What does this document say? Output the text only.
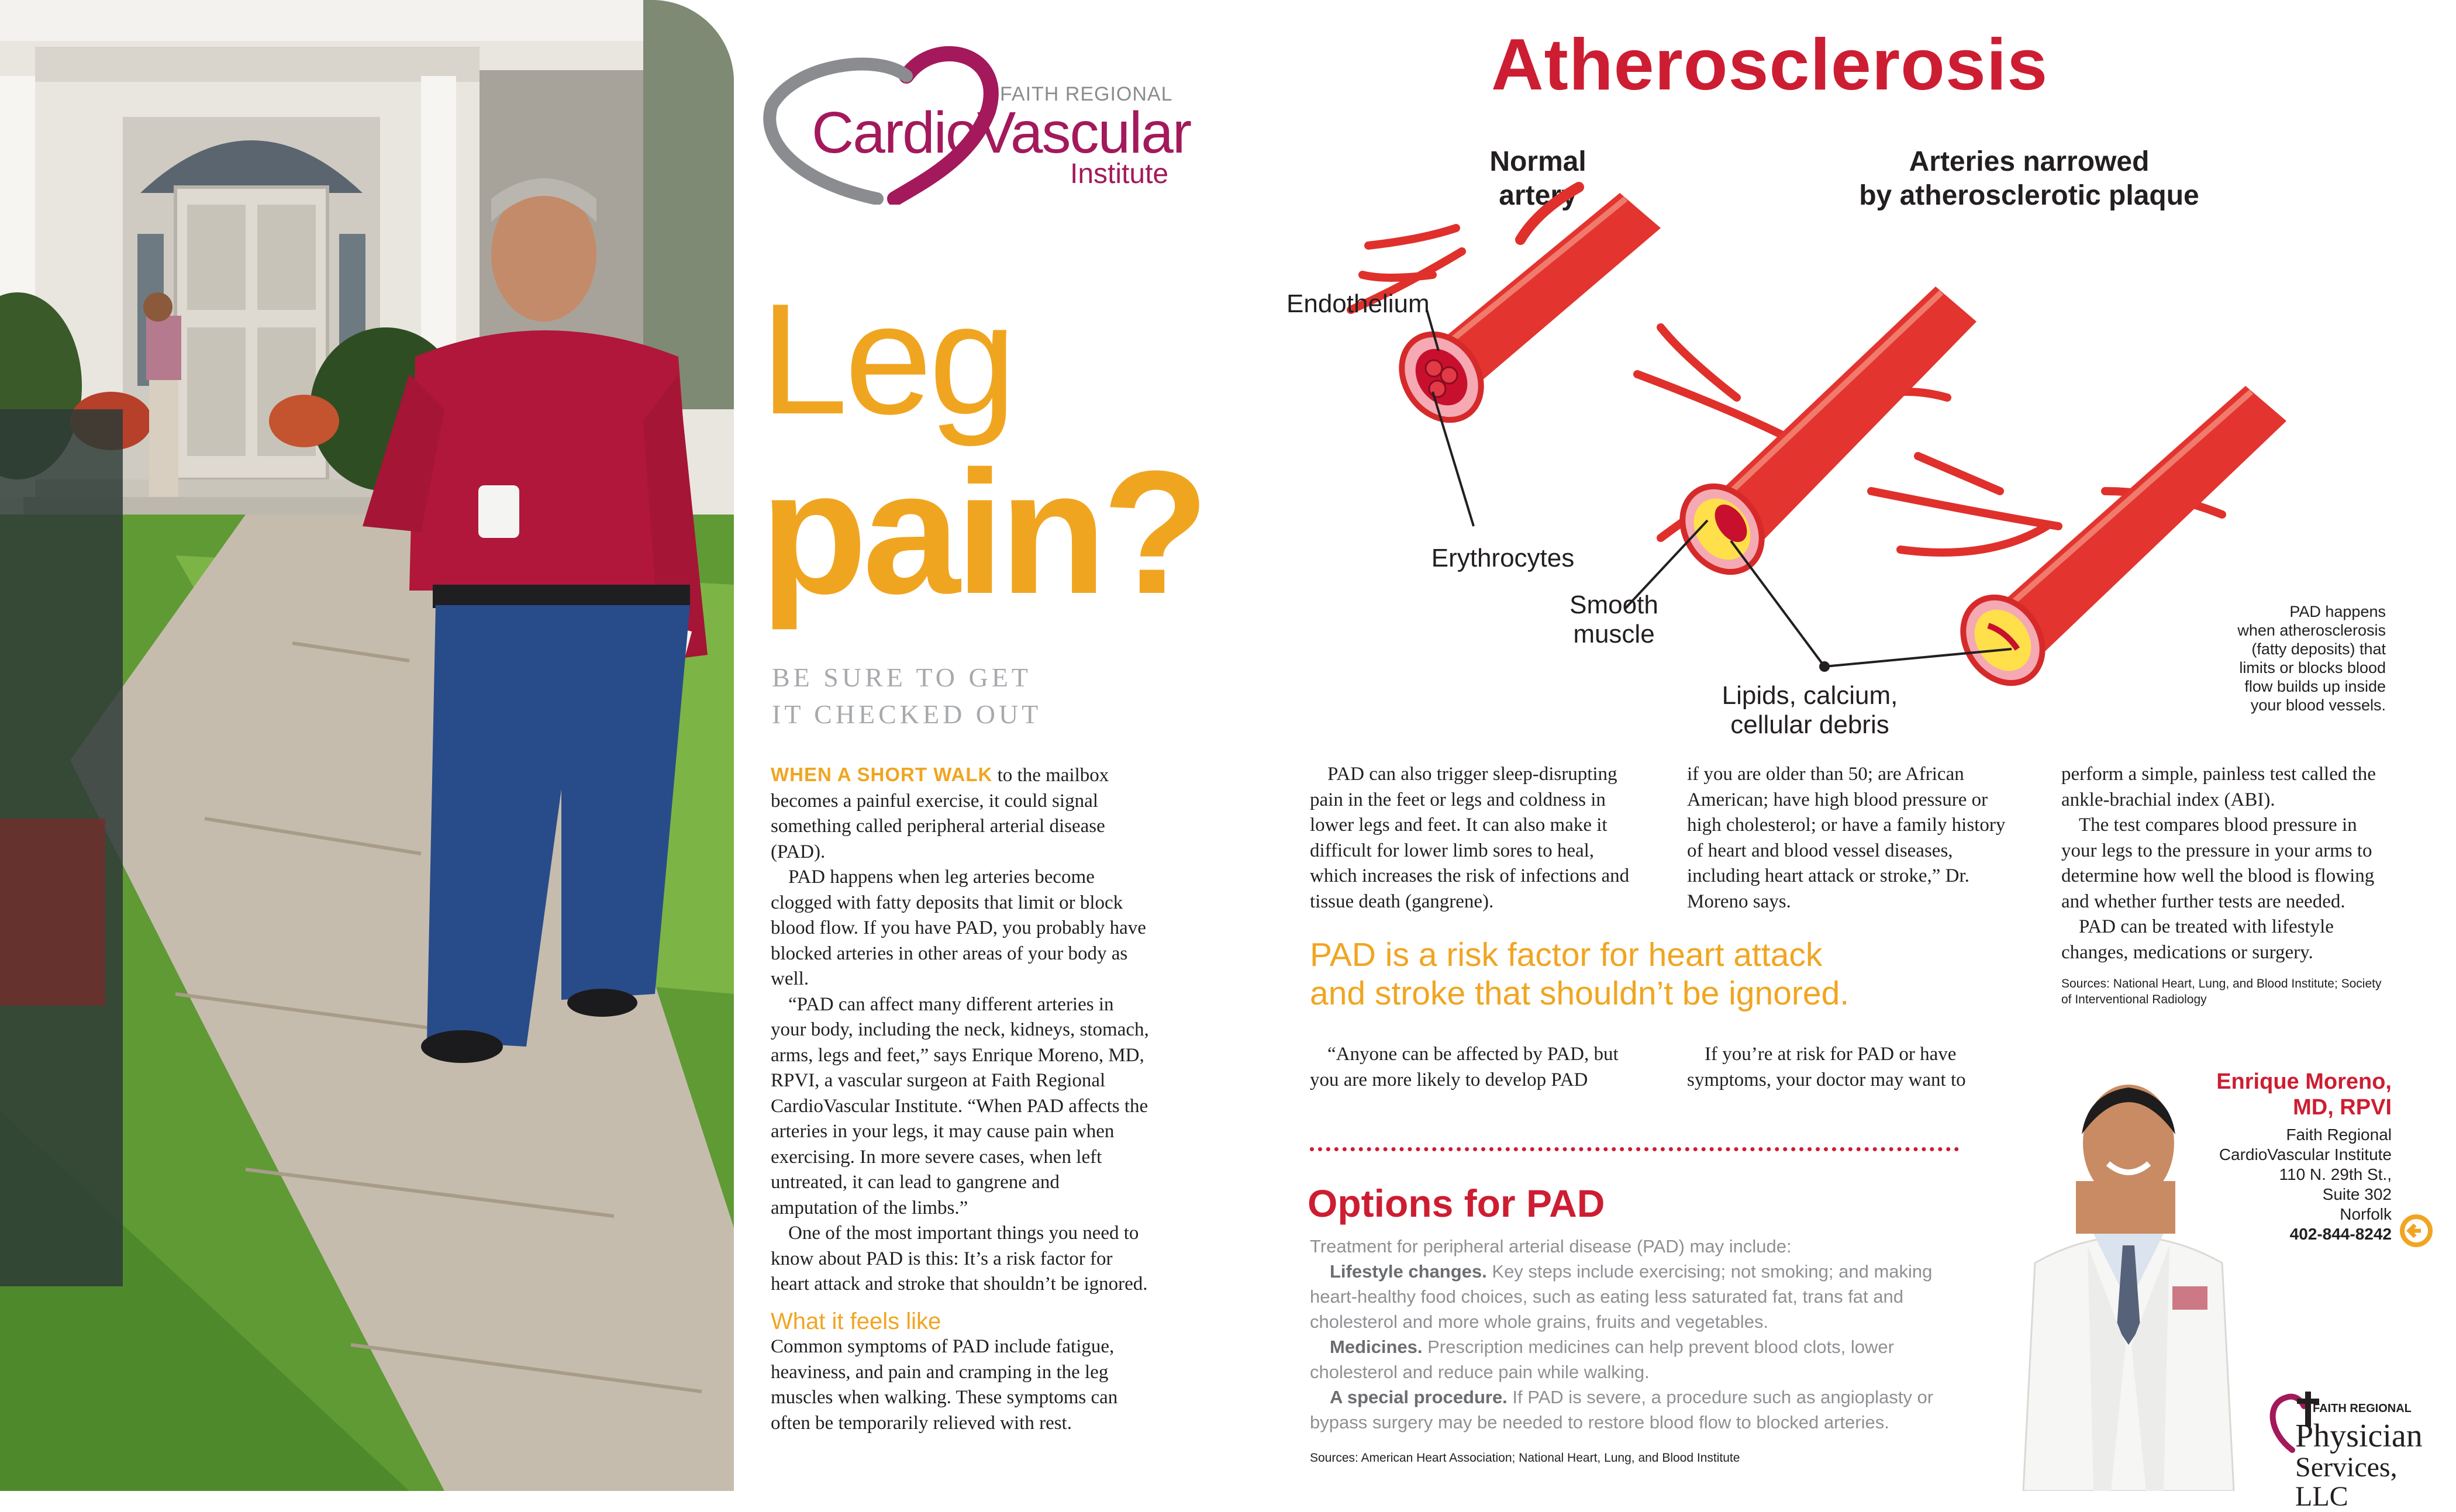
FAITH REGIONAL
CardioVascular
Institute
Leg
pain?
BE SURE TO GET
IT CHECKED OUT

WHEN A SHORT WALK to the mailbox becomes a painful exercise, it could signal something called peripheral arterial disease (PAD).

PAD happens when leg arteries become clogged with fatty deposits that limit or block blood flow. If you have PAD, you probably have blocked arteries in other areas of your body as well.

“PAD can affect many different arteries in your body, including the neck, kidneys, stomach, arms, legs and feet,” says Enrique Moreno, MD, RPVI, a vascular surgeon at Faith Regional CardioVascular Institute. “When PAD affects the arteries in your legs, it may cause pain when exercising. In more severe cases, when left untreated, it can lead to gangrene and amputation of the limbs.”

One of the most important things you need to know about PAD is this: It’s a risk factor for heart attack and stroke that shouldn’t be ignored.

What it feels like

Common symptoms of PAD include fatigue, heaviness, and pain and cramping in the leg muscles when walking. These symptoms can often be temporarily relieved with rest.

Atherosclerosis
Normal
artery
Arteries narrowed
by atherosclerotic plaque
Endothelium
Erythrocytes
Smooth
muscle
Lipids, calcium,
cellular debris
PAD happens
when atherosclerosis
(fatty deposits) that
limits or blocks blood
flow builds up inside
your blood vessels.

PAD can also trigger sleep-disrupting pain in the feet or legs and coldness in lower legs and feet. It can also make it difficult for lower limb sores to heal, which increases the risk of infections and tissue death (gangrene).

if you are older than 50; are African American; have high blood pressure or high cholesterol; or have a family history of heart and blood vessel diseases, including heart attack or stroke,” Dr. Moreno says.

perform a simple, painless test called the ankle-brachial index (ABI).

The test compares blood pressure in your legs to the pressure in your arms to determine how well the blood is flowing and whether further tests are needed.

PAD can be treated with lifestyle changes, medications or surgery.

Sources: National Heart, Lung, and Blood Institute; Society of Interventional Radiology
PAD is a risk factor for heart attack
and stroke that shouldn’t be ignored.

“Anyone can be affected by PAD, but you are more likely to develop PAD

If you’re at risk for PAD or have symptoms, your doctor may want to

Options for PAD

Treatment for peripheral arterial disease (PAD) may include:

Lifestyle changes. Key steps include exercising; not smoking; and making heart-healthy food choices, such as eating less saturated fat, trans fat and cholesterol and more whole grains, fruits and vegetables.

Medicines. Prescription medicines can help prevent blood clots, lower cholesterol and reduce pain while walking.

A special procedure. If PAD is severe, a procedure such as angioplasty or bypass surgery may be needed to restore blood flow to blocked arteries.

Sources: American Heart Association; National Heart, Lung, and Blood Institute
Enrique Moreno,
MD, RPVI
Faith Regional
CardioVascular Institute
110 N. 29th St.,
Suite 302
Norfolk
402-844-8242
FAITH REGIONAL
Physician
Services, LLC
